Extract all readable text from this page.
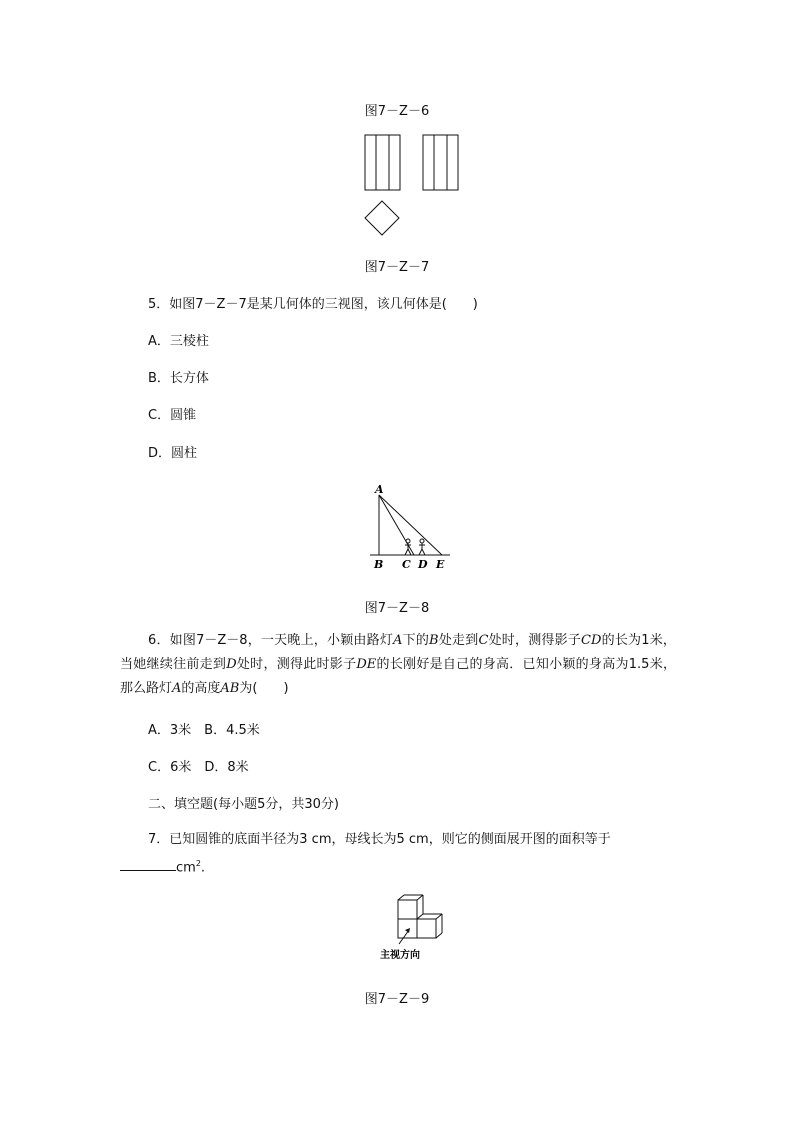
图7－Z－6
图7－Z－7
5．如图7－Z－7是某几何体的三视图，该几何体是(　　)
A．三棱柱
B．长方体
C．圆锥
D．圆柱
A
B C D E
图7－Z－8

6．如图7－Z－8，一天晚上，小颖由路灯A下的B处走到C处时，测得影子CD的长为1米，当她继续往前走到D处时，测得此时影子DE的长刚好是自己的身高．已知小颖的身高为1.5米，那么路灯A的高度AB为(　　)

A．3米　B．4.5米
C．6米　D．8米
二、填空题(每小题5分，共30分)

7．已知圆锥的底面半径为3 cm，母线长为5 cm，则它的侧面展开图的面积等于

$cm^2$.

主视方向
图7－Z－9
